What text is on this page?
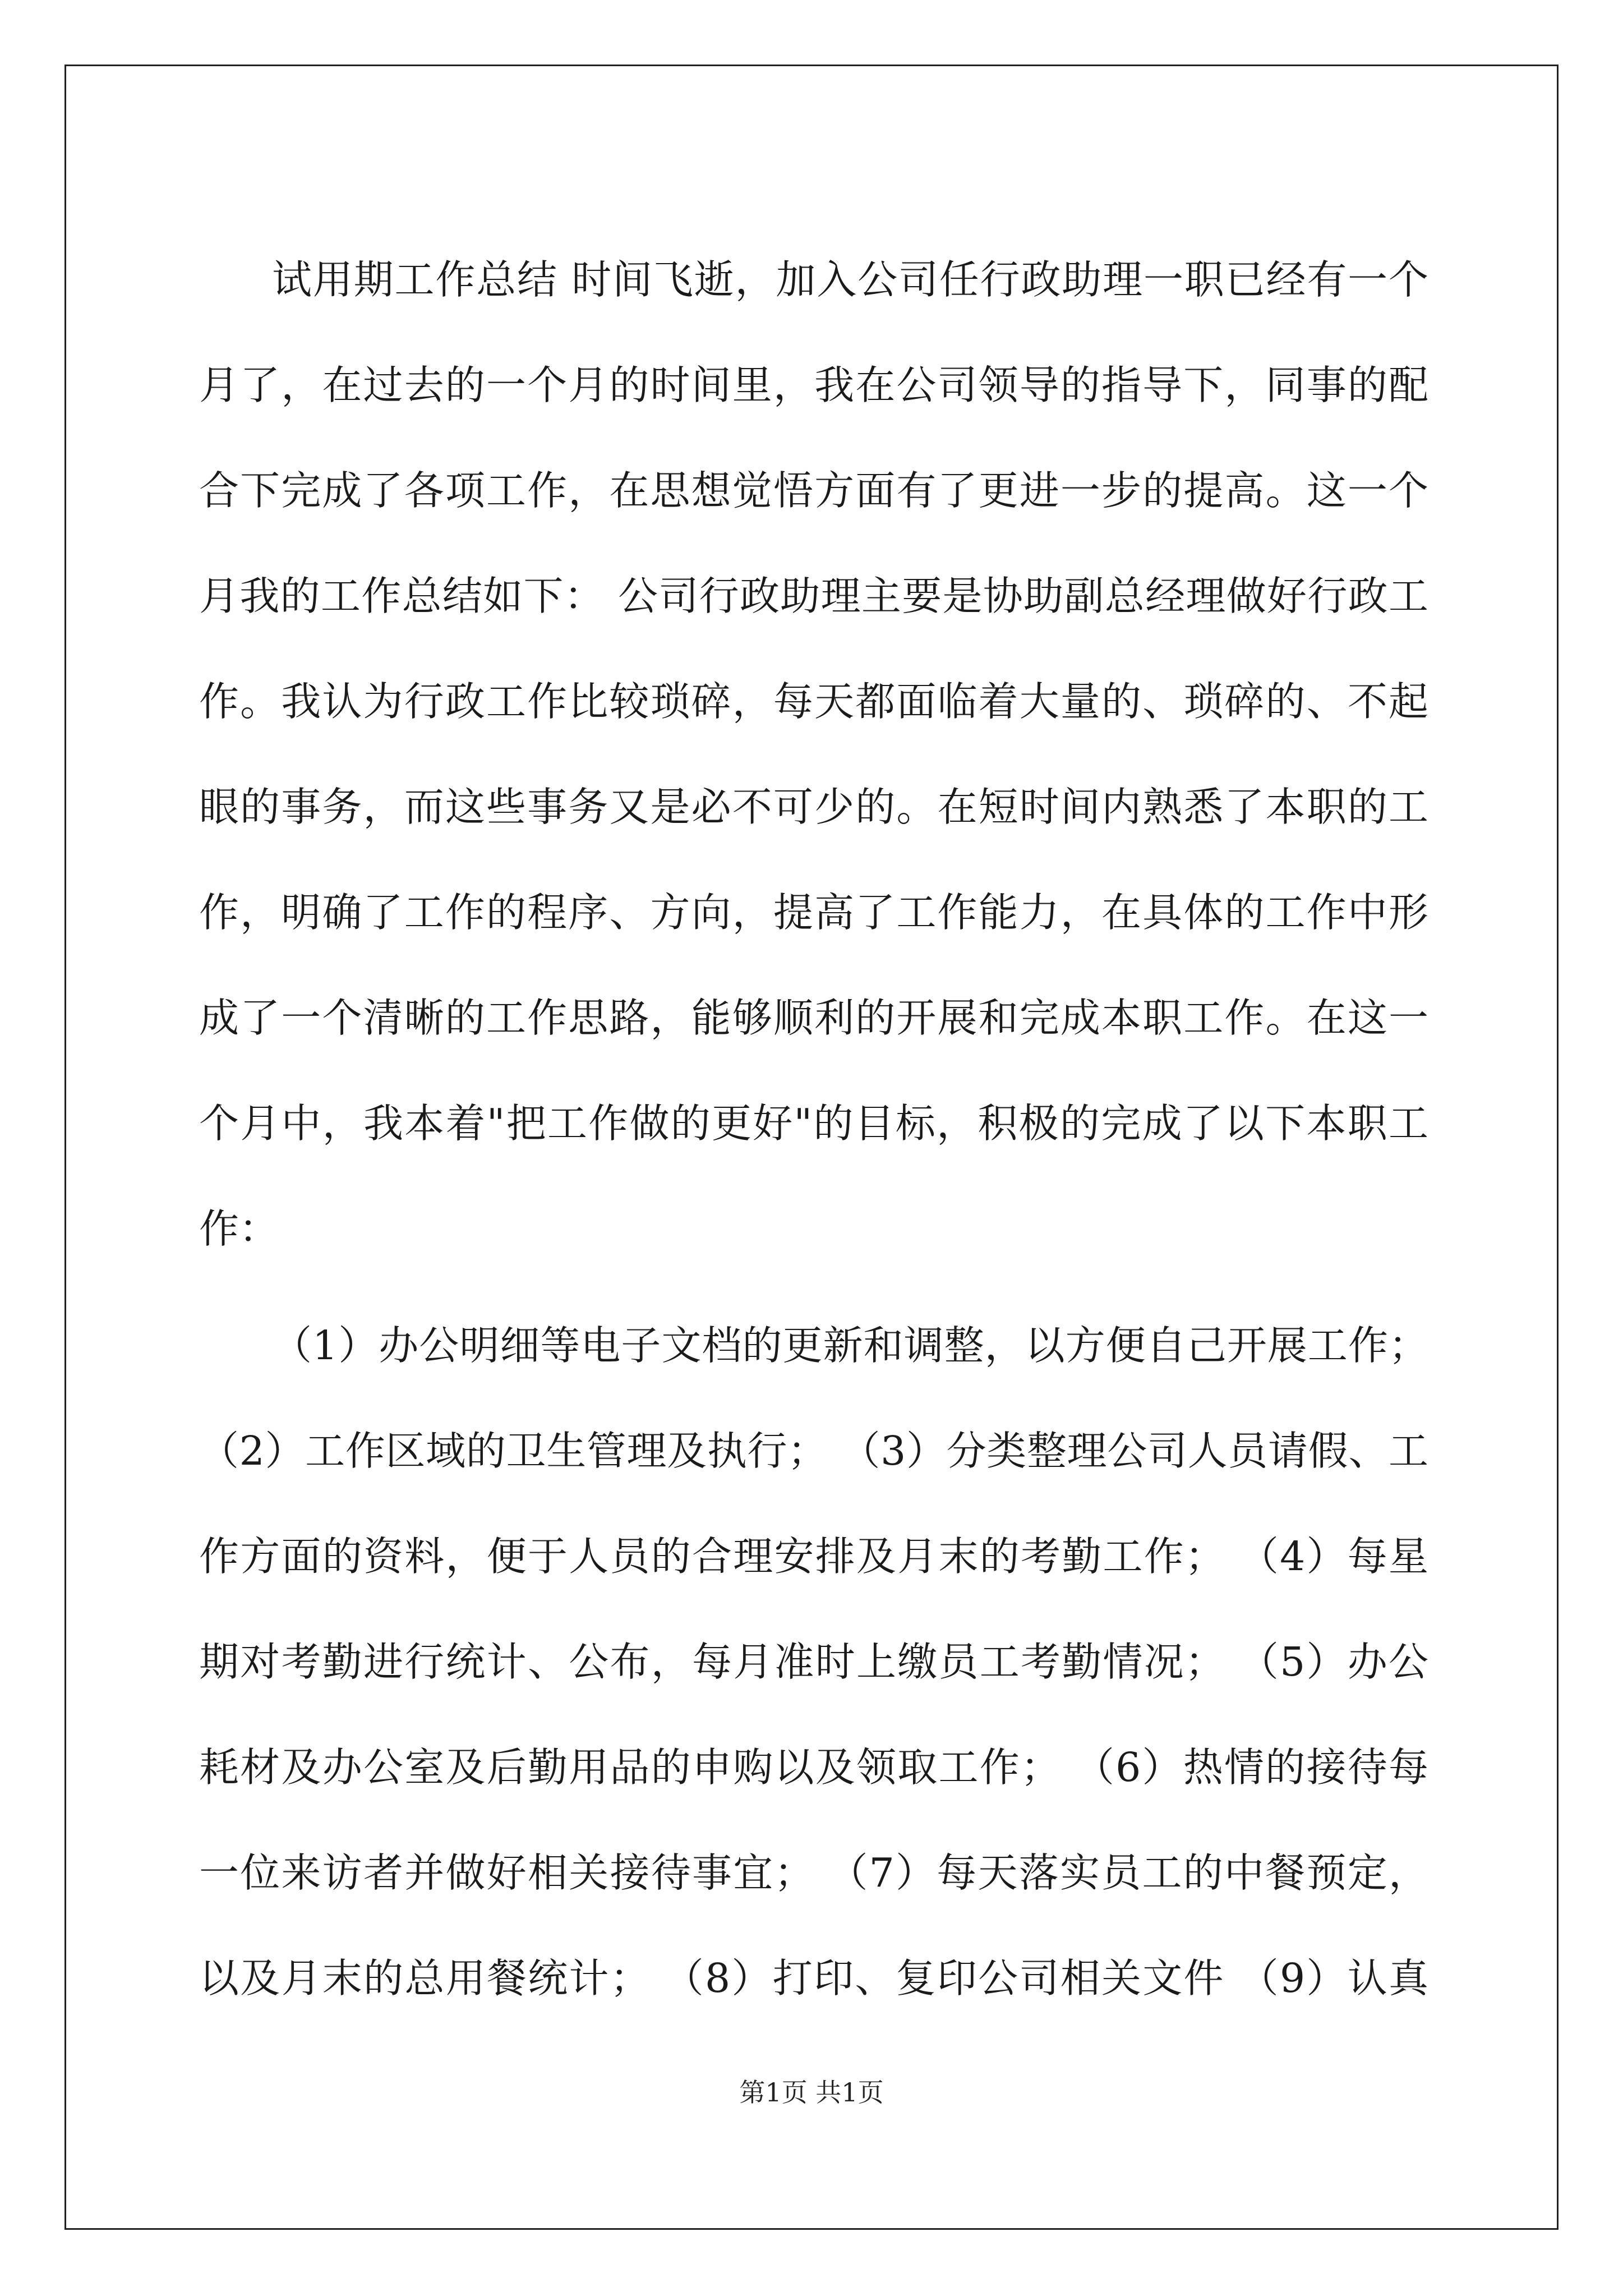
试用期工作总结 时间飞逝，加入公司任行政助理一职已经有一个
月了，在过去的一个月的时间里，我在公司领导的指导下，同事的配
合下完成了各项工作，在思想觉悟方面有了更进一步的提高。这一个
月我的工作总结如下： 公司行政助理主要是协助副总经理做好行政工
作。我认为行政工作比较琐碎，每天都面临着大量的、琐碎的、不起
眼的事务，而这些事务又是必不可少的。在短时间内熟悉了本职的工
作，明确了工作的程序、方向，提高了工作能力，在具体的工作中形
成了一个清晰的工作思路，能够顺利的开展和完成本职工作。在这一
个月中，我本着"把工作做的更好"的目标，积极的完成了以下本职工
作：
（1）办公明细等电子文档的更新和调整，以方便自己开展工作；
（2）工作区域的卫生管理及执行； （3）分类整理公司人员请假、工
作方面的资料，便于人员的合理安排及月末的考勤工作； （4）每星
期对考勤进行统计、公布，每月准时上缴员工考勤情况； （5）办公
耗材及办公室及后勤用品的申购以及领取工作； （6）热情的接待每
一位来访者并做好相关接待事宜； （7）每天落实员工的中餐预定，
以及月末的总用餐统计； （8）打印、复印公司相关文件 （9）认真
第1页 共1页
